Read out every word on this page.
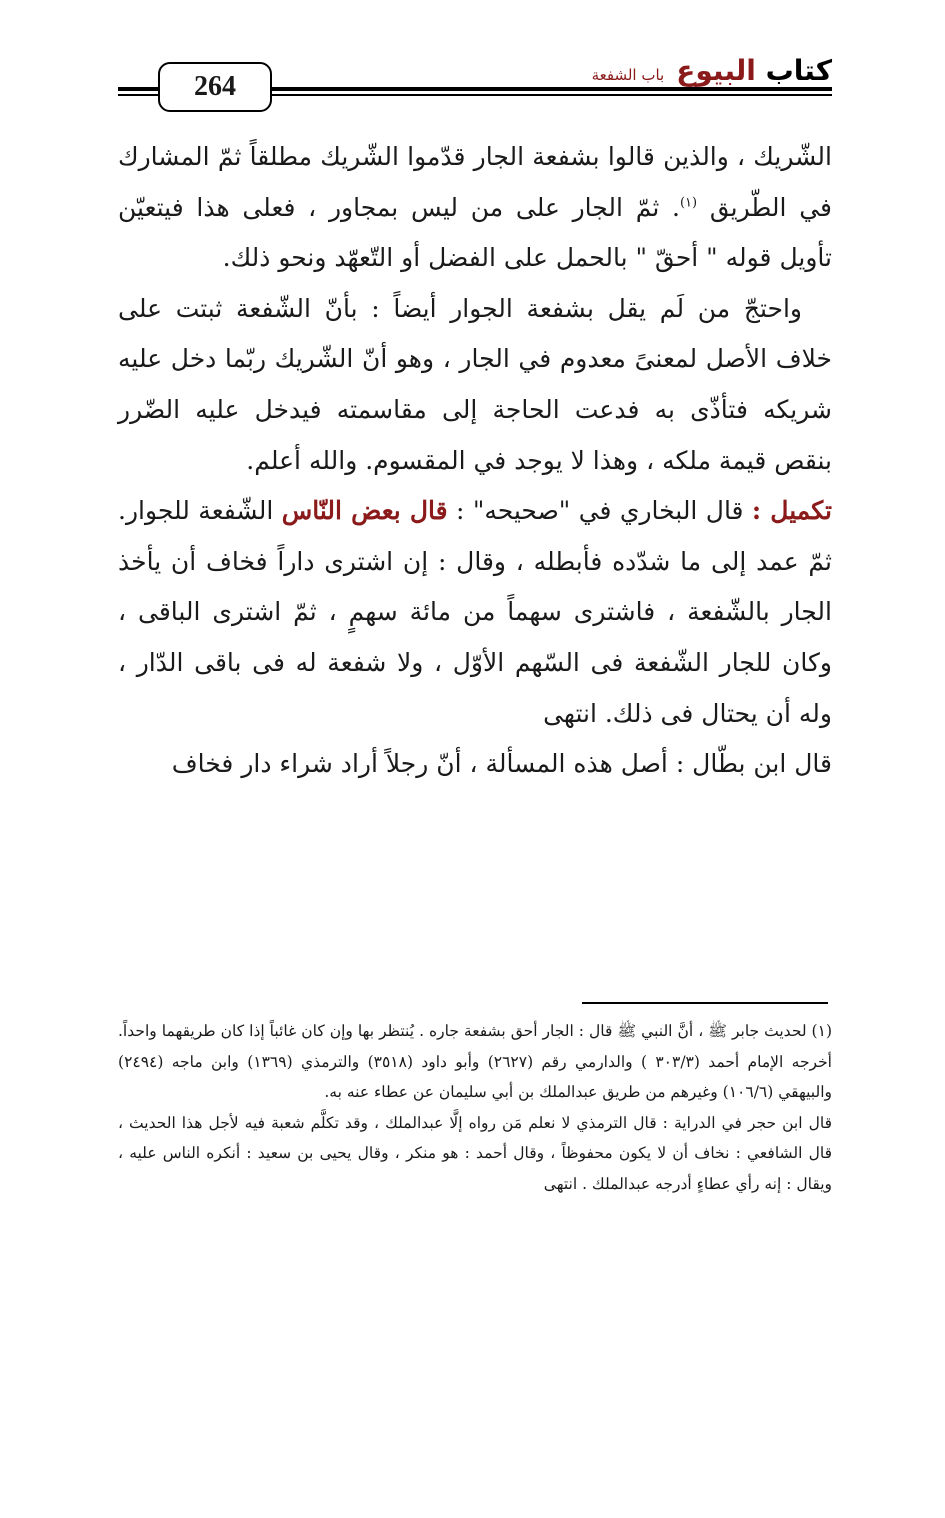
264	كتاب البيوع
باب الشفعة

الشّريك ، والذين قالوا بشفعة الجار قدّموا الشّريك مطلقاً ثمّ المشارك في الطّريق $^{(١)}$. ثمّ الجار على من ليس بمجاور ، فعلى هذا فيتعيّن تأويل قوله " أحقّ " بالحمل على الفضل أو التّعهّد ونحو ذلك.

واحتجّ من لَم يقل بشفعة الجوار أيضاً : بأنّ الشّفعة ثبتت على خلاف الأصل لمعنىً معدوم في الجار ، وهو أنّ الشّريك ربّما دخل عليه شريكه فتأذّى به فدعت الحاجة إلى مقاسمته فيدخل عليه الضّرر بنقص قيمة ملكه ، وهذا لا يوجد في المقسوم. والله أعلم.

تكميل : قال البخاري في "صحيحه" : قال بعض النّاس الشّفعة للجوار. ثمّ عمد إلى ما شدّده فأبطله ، وقال : إن اشترى داراً فخاف أن يأخذ الجار بالشّفعة ، فاشترى سهماً من مائة سهمٍ ، ثمّ اشترى الباقى ، وكان للجار الشّفعة فى السّهم الأوّل ، ولا شفعة له فى باقى الدّار ، وله أن يحتال فى ذلك. انتهى

قال ابن بطّال : أصل هذه المسألة ، أنّ رجلاً أراد شراء دار فخاف

(١) لحديث جابر ﷺ ، أنَّ النبي ﷺ قال : الجار أحق بشفعة جاره . يُنتظر بها وإن كان غائباً إذا كان طريقهما واحداً. أخرجه الإمام أحمد (٣٠٣/٣ ) والدارمي رقم (٢٦٢٧) وأبو داود (٣٥١٨) والترمذي (١٣٦٩) وابن ماجه (٢٤٩٤) والبيهقي (١٠٦/٦) وغيرهم من طريق عبدالملك بن أبي سليمان عن عطاء عنه به.

قال ابن حجر في الدراية : قال الترمذي لا نعلم مَن رواه إلَّا عبدالملك ، وقد تكلَّم شعبة فيه لأجل هذا الحديث ، قال الشافعي : نخاف أن لا يكون محفوظاً ، وقال أحمد : هو منكر ، وقال يحيى بن سعيد : أنكره الناس عليه ، ويقال : إنه رأي عطاءٍ أدرجه عبدالملك . انتهى
